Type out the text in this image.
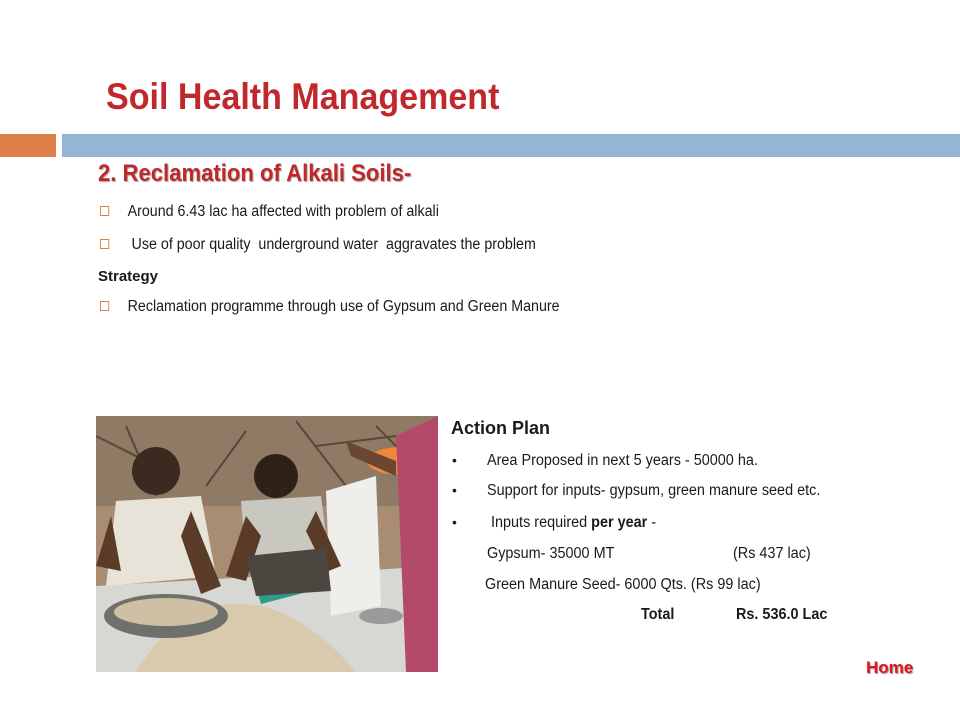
Soil Health Management
2. Reclamation of Alkali Soils-
Around 6.43 lac ha affected with problem of alkali
Use of poor quality  underground water  aggravates the problem
Strategy
Reclamation programme through use of Gypsum and Green Manure
Action Plan
• Area Proposed in next 5 years - 50000 ha.
• Support for inputs- gypsum, green manure seed etc.
• Inputs required per year -
Gypsum- 35000 MT	(Rs 437 lac)
Green Manure Seed- 6000 Qts. (Rs 99 lac)
Total	Rs. 536.0 Lac
Home
